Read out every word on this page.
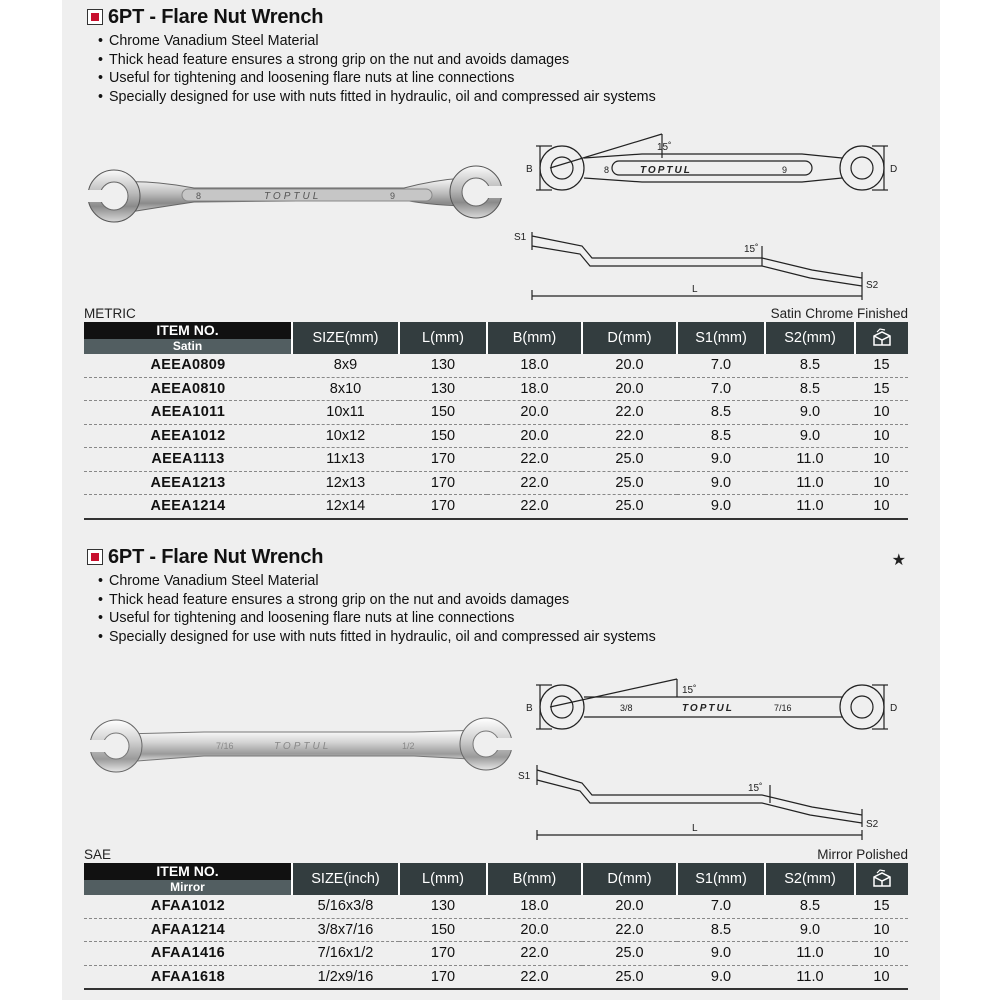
6PT - Flare Nut Wrench
• Chrome Vanadium Steel Material
• Thick head feature ensures a strong grip on the nut and avoids damages
• Useful for tightening and loosening flare nuts at line connections
• Specially designed for use with nuts fitted in hydraulic, oil and compressed air systems
TOPTUL
8	9
8	TOPTUL	9
15˚
B	D
S1
S2
15˚
L
METRIC	Satin Chrome Finished
ITEM NO.
Satin	SIZE(mm)	L(mm)	B(mm)	D(mm)	S1(mm)	S2(mm)	
AEEA0809	8x9	130	18.0	20.0	7.0	8.5	15
AEEA0810	8x10	130	18.0	20.0	7.0	8.5	15
AEEA1011	10x11	150	20.0	22.0	8.5	9.0	10
AEEA1012	10x12	150	20.0	22.0	8.5	9.0	10
AEEA1113	11x13	170	22.0	25.0	9.0	11.0	10
AEEA1213	12x13	170	22.0	25.0	9.0	11.0	10
AEEA1214	12x14	170	22.0	25.0	9.0	11.0	10
6PT - Flare Nut Wrench	★
• Chrome Vanadium Steel Material
• Thick head feature ensures a strong grip on the nut and avoids damages
• Useful for tightening and loosening flare nuts at line connections
• Specially designed for use with nuts fitted in hydraulic, oil and compressed air systems
TOPTUL
7/16	1/2
3/8	TOPTUL	7/16
15˚
B	D
S1
S2
15˚
L
SAE	Mirror Polished
ITEM NO.
Mirror	SIZE(inch)	L(mm)	B(mm)	D(mm)	S1(mm)	S2(mm)	
AFAA1012	5/16x3/8	130	18.0	20.0	7.0	8.5	15
AFAA1214	3/8x7/16	150	20.0	22.0	8.5	9.0	10
AFAA1416	7/16x1/2	170	22.0	25.0	9.0	11.0	10
AFAA1618	1/2x9/16	170	22.0	25.0	9.0	11.0	10
